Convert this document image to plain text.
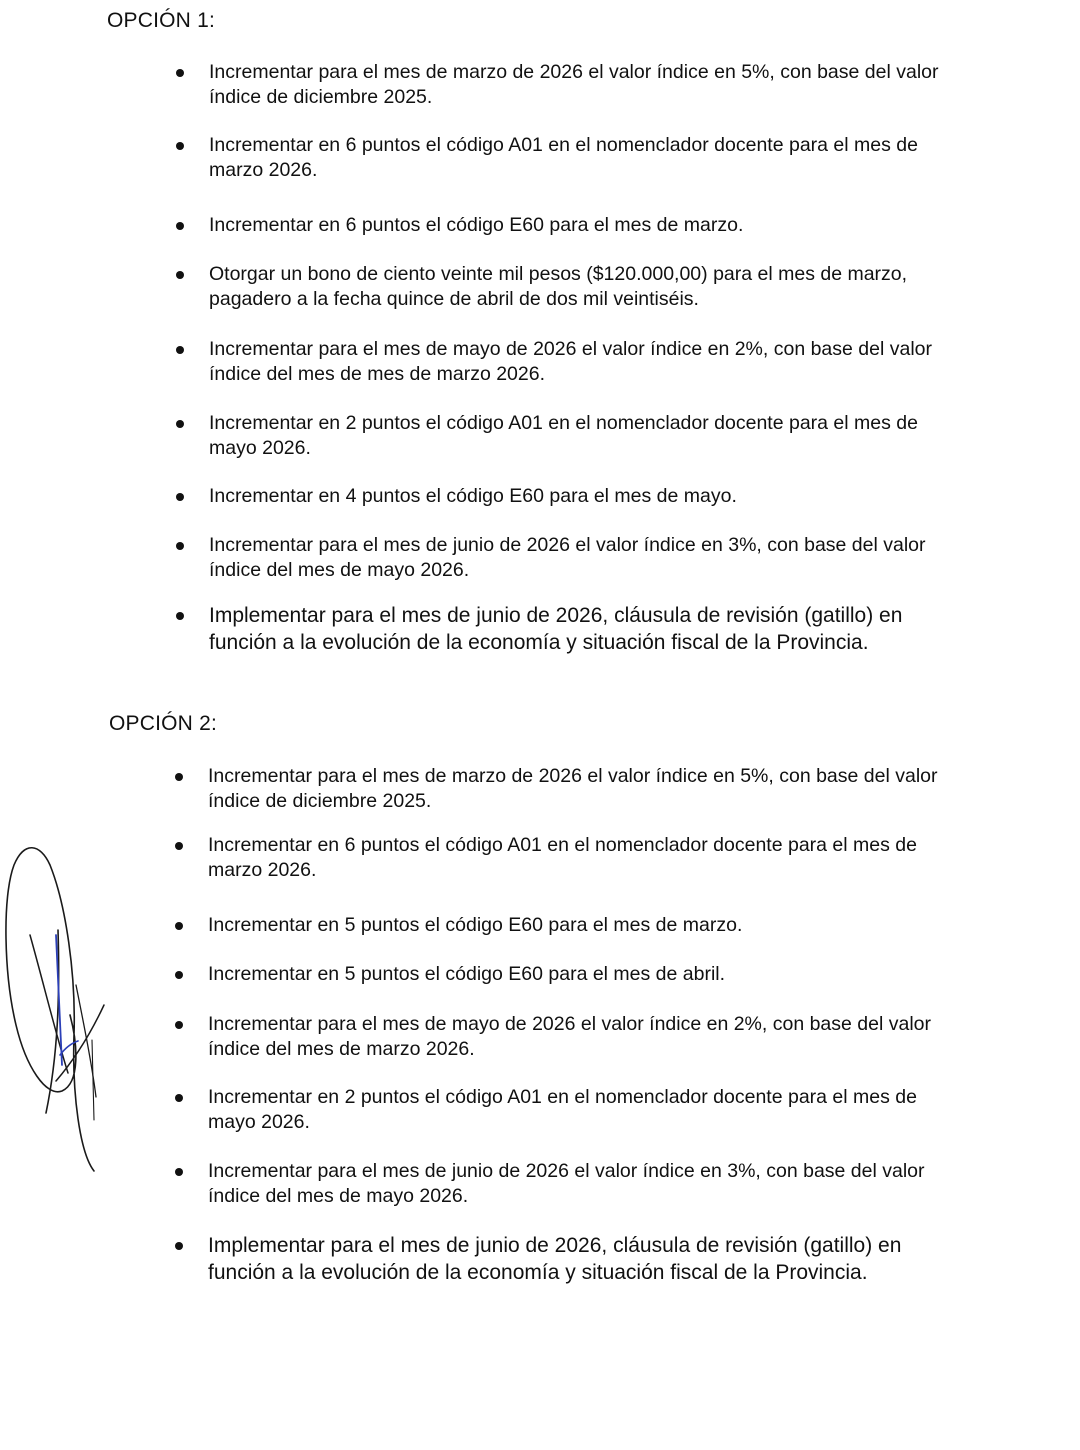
OPCIÓN 1:

Incrementar para el mes de marzo de 2026 el valor índice en 5%, con base del valor índice de diciembre 2025.

Incrementar en 6 puntos el código A01 en el nomenclador docente para el mes de marzo 2026.

Incrementar en 6 puntos el código E60 para el mes de marzo.

Otorgar un bono de ciento veinte mil pesos ($120.000,00) para el mes de marzo, pagadero a la fecha quince de abril de dos mil veintiséis.

Incrementar para el mes de mayo de 2026 el valor índice en 2%, con base del valor índice del mes de mes de marzo 2026.

Incrementar en 2 puntos el código A01 en el nomenclador docente para el mes de mayo 2026.

Incrementar en 4 puntos el código E60 para el mes de mayo.

Incrementar para el mes de junio de 2026 el valor índice en 3%, con base del valor índice del mes de mayo 2026.

Implementar para el mes de junio de 2026, cláusula de revisión (gatillo) en función a la evolución de la economía y situación fiscal de la Provincia.

OPCIÓN 2:

Incrementar para el mes de marzo de 2026 el valor índice en 5%, con base del valor índice de diciembre 2025.

Incrementar en 6 puntos el código A01 en el nomenclador docente para el mes de marzo 2026.

Incrementar en 5 puntos el código E60 para el mes de marzo.

Incrementar en 5 puntos el código E60 para el mes de abril.

Incrementar para el mes de mayo de 2026 el valor índice en 2%, con base del valor índice del mes de marzo 2026.

Incrementar en 2 puntos el código A01 en el nomenclador docente para el mes de mayo 2026.

Incrementar para el mes de junio de 2026 el valor índice en 3%, con base del valor índice del mes de mayo 2026.

Implementar para el mes de junio de 2026, cláusula de revisión (gatillo) en función a la evolución de la economía y situación fiscal de la Provincia.
